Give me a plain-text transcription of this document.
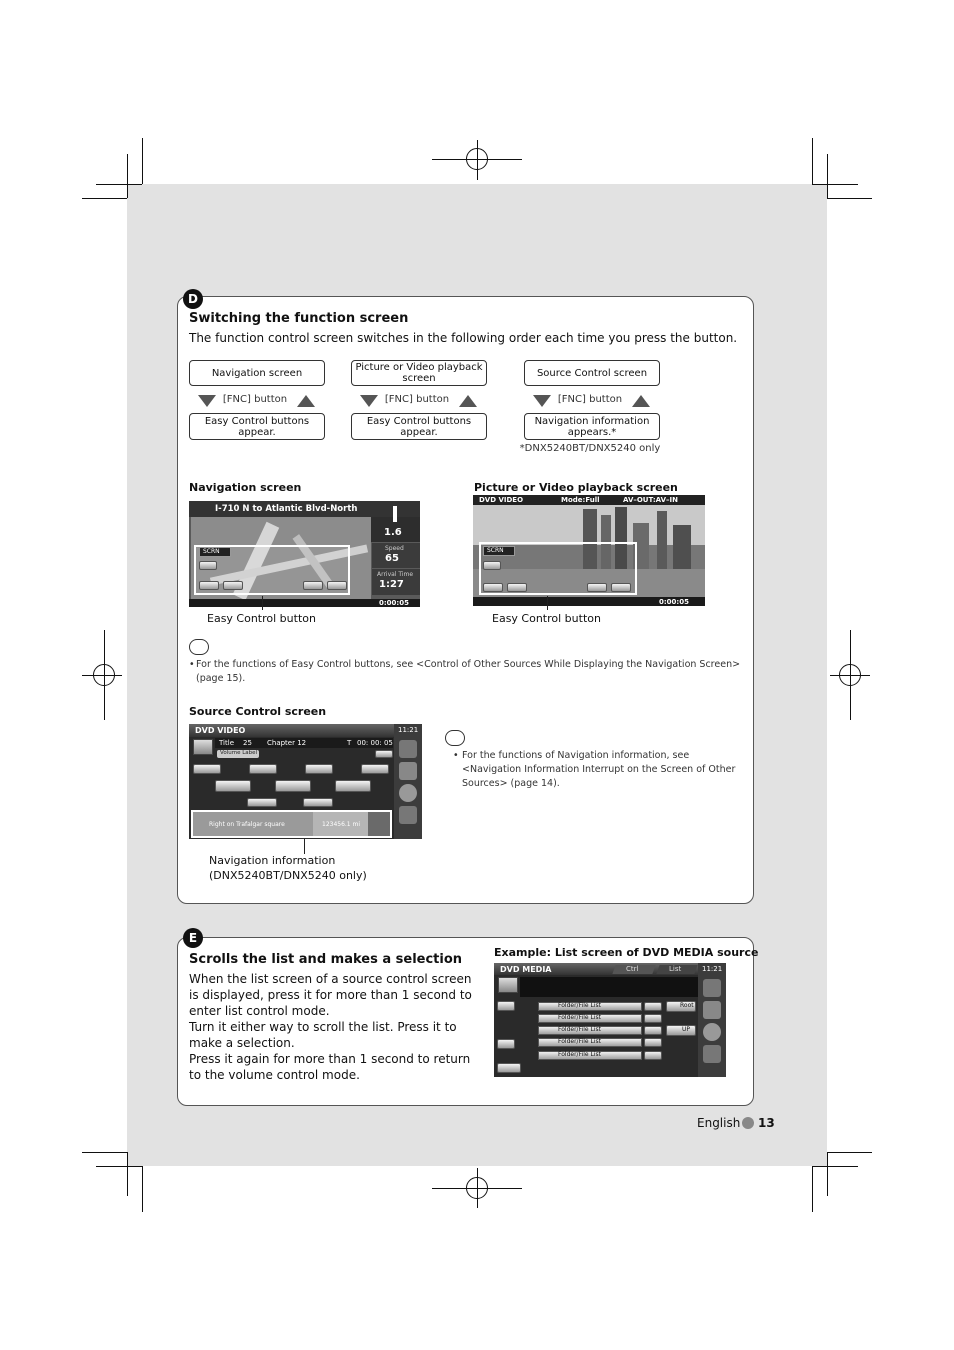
D
Switching the function screen
The function control screen switches in the following order each time you press the button.
Navigation screen
[FNC] button
Easy Control buttons appear.
Picture or Video playback screen
[FNC] button
Easy Control buttons appear.
Source Control screen
[FNC] button
Navigation information appears.*
*DNX5240BT/DNX5240 only
Navigation screen
I-710 N to Atlantic Blvd-North
1.6
Speed
65
Arrival Time
1:27
SCRN
0:00:05
Easy Control button
Picture or Video playback screen
DVD VIDEO	Mode:Full	AV–OUT:AV–IN
SCRN
0:00:05
Easy Control button
• For the functions of Easy Control buttons, see <Control of Other Sources While Displaying the Navigation Screen> (page 15).
Source Control screen
DVD VIDEO	11:21
Title 25 Chapter 12	T 00: 00: 05
Volume Label
Right on Trafalgar square	123456.1 mi
Navigation information
(DNX5240BT/DNX5240 only)
• For the functions of Navigation information, see <Navigation Information Interrupt on the Screen of Other Sources> (page 14).
E
Scrolls the list and makes a selection
When the list screen of a source control screen is displayed, press it for more than 1 second to enter list control mode.
Turn it either way to scroll the list. Press it to make a selection.
Press it again for more than 1 second to return to the volume control mode.
Example: List screen of DVD MEDIA source
DVD MEDIA	Ctrl	List	11:21
Folder/File List
Folder/File List
Folder/File List
Folder/File List
Folder/File List
Root
UP
English 13
